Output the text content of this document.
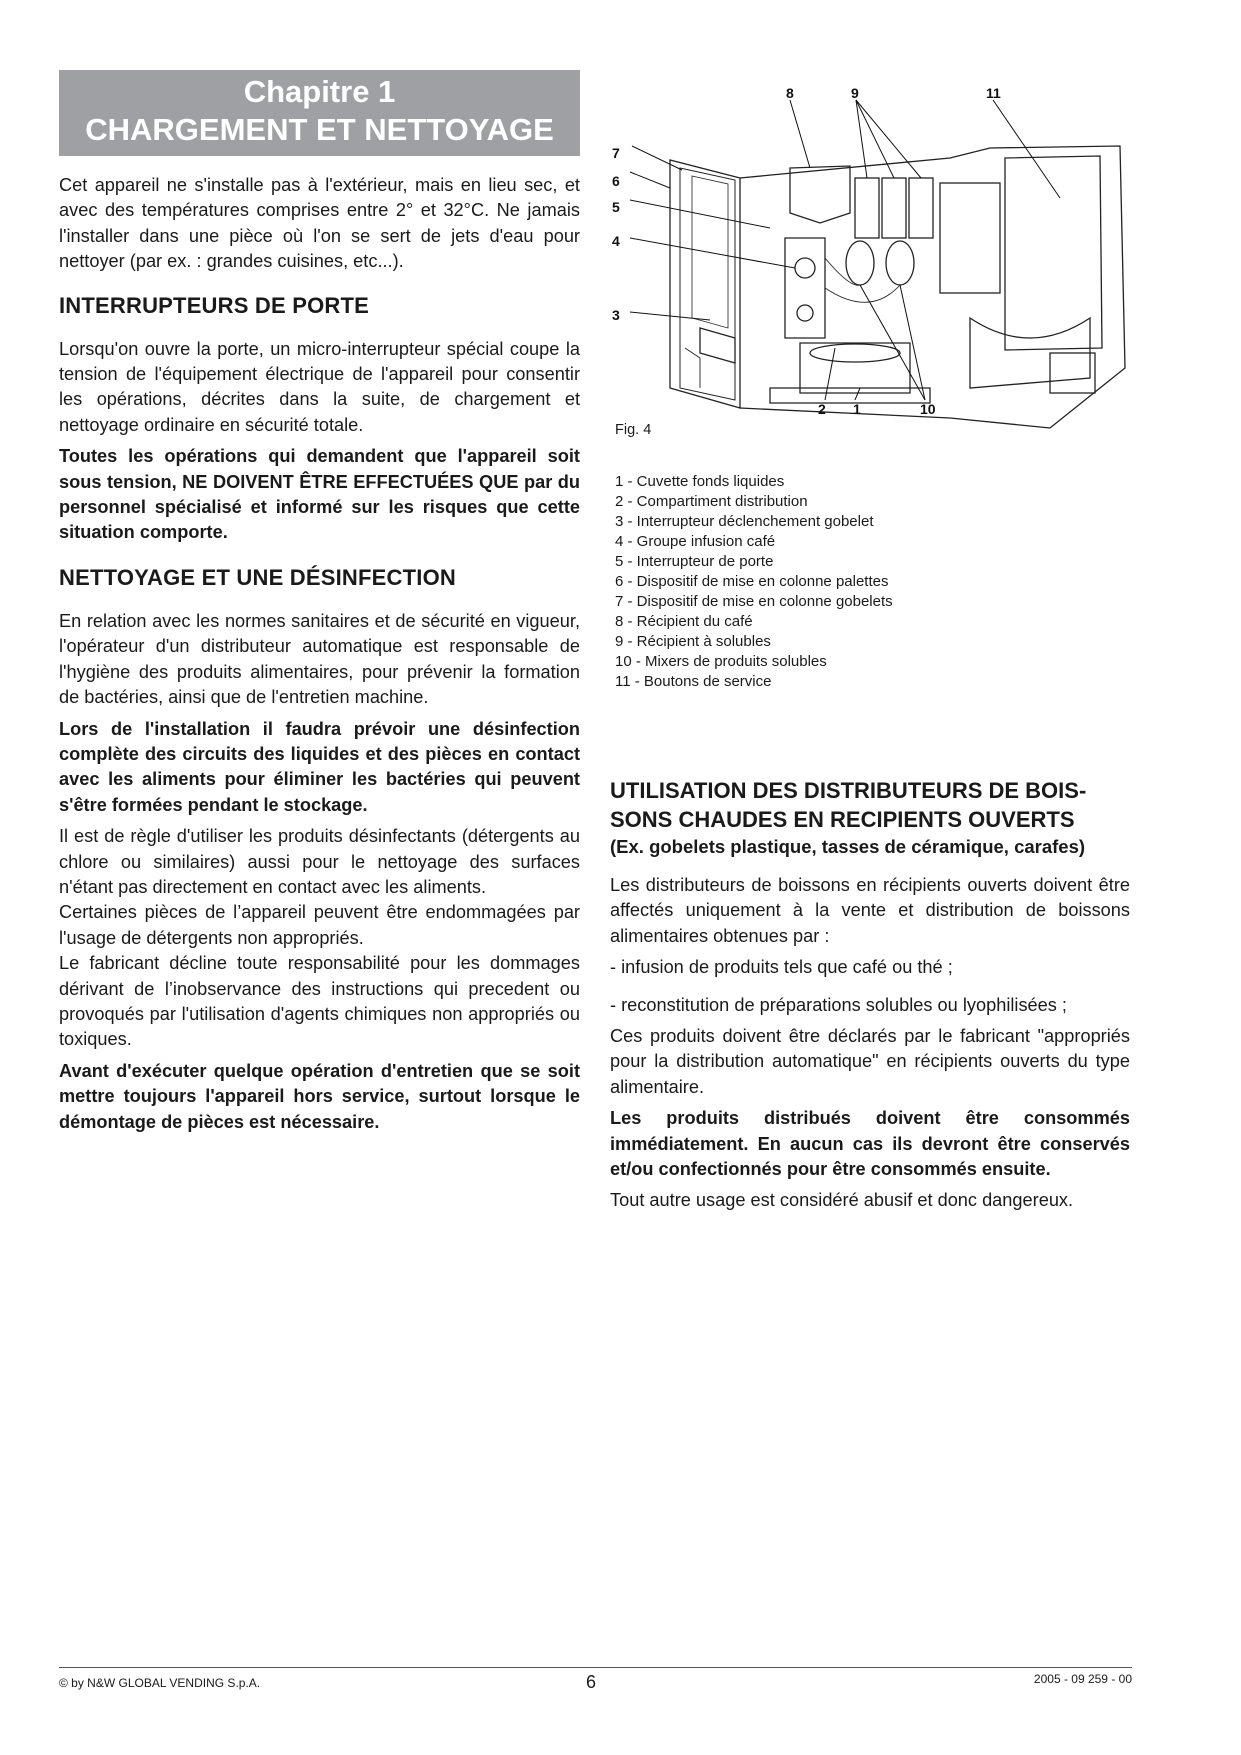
Chapitre 1
CHARGEMENT ET NETTOYAGE

Cet appareil ne s'installe pas à l'extérieur, mais en lieu sec, et avec des températures comprises entre 2° et 32°C. Ne jamais l'installer dans une pièce où l'on se sert de jets d'eau pour nettoyer (par ex. : grandes cuisines, etc...).

INTERRUPTEURS DE PORTE

Lorsqu'on ouvre la porte, un micro-interrupteur spécial coupe la tension de l'équipement électrique de l'appareil pour consentir les opérations, décrites dans la suite, de chargement et nettoyage ordinaire en sécurité totale.

Toutes les opérations qui demandent que l'appareil soit sous tension, NE DOIVENT ÊTRE EFFECTUÉES QUE par du personnel spécialisé et informé sur les risques que cette situation comporte.

NETTOYAGE ET UNE DÉSINFECTION

En relation avec les normes sanitaires et de sécurité en vigueur, l'opérateur d'un distributeur automatique est responsable de l'hygiène des produits alimentaires, pour prévenir la formation de bactéries, ainsi que de l'entretien machine.

Lors de l'installation il faudra prévoir une désinfection complète des circuits des liquides et des pièces en contact avec les aliments pour éliminer les bactéries qui peuvent s'être formées pendant le stockage.

Il est de règle d'utiliser les produits désinfectants (détergents au chlore ou similaires) aussi pour le nettoyage des surfaces n'étant pas directement en contact avec les aliments.

Certaines pièces de l’appareil peuvent être endommagées par l'usage de détergents non appropriés.

Le fabricant décline toute responsabilité pour les dommages dérivant de l’inobservance des instructions qui precedent ou provoqués par l'utilisation d'agents chimiques non appropriés ou toxiques.

Avant d'exécuter quelque opération d'entretien que se soit mettre toujours l'appareil hors service, surtout lorsque le démontage de pièces est nécessaire.

8	9	11
7
6
5
4
3
2 1	10
Fig. 4
1 - Cuvette fonds liquides
2 - Compartiment distribution
3 - Interrupteur déclenchement gobelet
4 - Groupe infusion café
5 - Interrupteur de porte
6 - Dispositif de mise en colonne palettes
7 - Dispositif de mise en colonne gobelets
8 - Récipient du café
9 - Récipient à solubles
10 - Mixers de produits solubles
11 - Boutons de service
UTILISATION DES DISTRIBUTEURS DE BOIS-
SONS CHAUDES EN RECIPIENTS OUVERTS
(Ex. gobelets plastique, tasses de céramique, carafes)

Les distributeurs de boissons en récipients ouverts doivent être affectés uniquement à la vente et distribution de boissons alimentaires obtenues par :

- infusion de produits tels que café ou thé ;

- reconstitution de préparations solubles ou lyophilisées ;

Ces produits doivent être déclarés par le fabricant "appropriés pour la distribution automatique" en récipients ouverts du type alimentaire.

Les produits distribués doivent être consommés immédiatement. En aucun cas ils devront être conservés et/ou confectionnés pour être consommés ensuite.

Tout autre usage est considéré abusif et donc dangereux.

© by N&W GLOBAL VENDING S.p.A.	6	2005 - 09 259 - 00
